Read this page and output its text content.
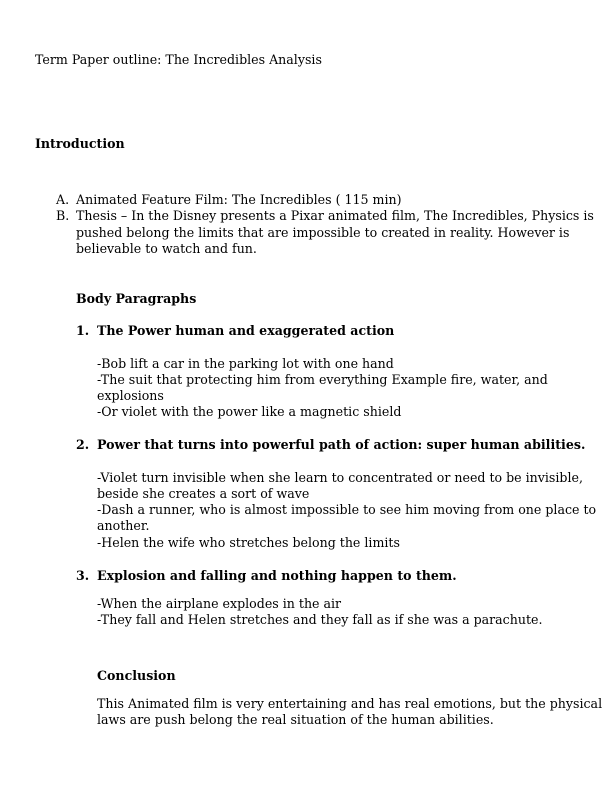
Term Paper outline: The Incredibles Analysis
Introduction
A. Animated Feature Film: The Incredibles ( 115 min)
B. Thesis – In the Disney presents a Pixar animated film, The Incredibles, Physics is
pushed belong the limits that are impossible to created in reality. However is
believable to watch and fun.
Body Paragraphs
1. The Power human and exaggerated action
-Bob lift a car in the parking lot with one hand
-The suit that protecting him from everything Example fire, water, and
explosions
-Or violet with the power like a magnetic shield
2. Power that turns into powerful path of action: super human abilities.
-Violet turn invisible when she learn to concentrated or need to be invisible,
beside she creates a sort of wave
-Dash a runner, who is almost impossible to see him moving from one place to
another.
-Helen the wife who stretches belong the limits
3. Explosion and falling and nothing happen to them.
-When the airplane explodes in the air
-They fall and Helen stretches and they fall as if she was a parachute.
Conclusion
This Animated film is very entertaining and has real emotions, but the physical
laws are push belong the real situation of the human abilities.
